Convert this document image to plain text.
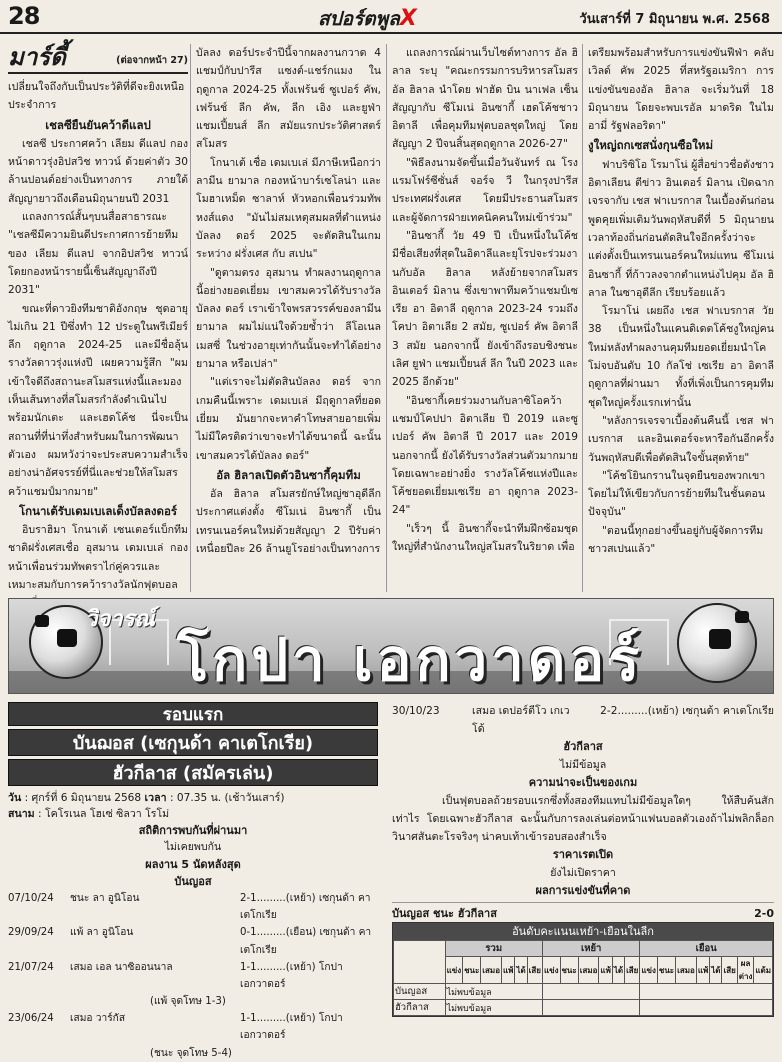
28	สปอร์ตพูลX	วันเสาร์ที่ 7 มิถุนายน พ.ศ. 2568
มาร์ดี้	(ต่อจากหน้า 27)

เปลี่ยนใจถึงกับเป็นประวัติที่ดีจะยิงเหนือประจำการ

เชลซียืนยันคว้าดีแลป

เชลซี ประกาศคว้า เลียม ดีแลป กองหน้าดาวรุ่งอิปสวิช ทาวน์ ด้วยค่าตัว 30 ล้านปอนด์อย่างเป็นทางการ ภายใต้สัญญายาวถึงเดือนมิถุนายนปี 2031

แถลงการณ์สั้นๆบนสื่อสาธารณะ "เชลซีมีความยินดีประกาศการย้ายทีมของ เลียม ดีแลป จากอิปสวิช ทาวน์ โดยกองหน้ารายนี้เซ็นสัญญาถึงปี 2031"

ขณะที่ดาวยิงทีมชาติอังกฤษ ชุดอายุไม่เกิน 21 ปีซึ่งทำ 12 ประตูในพรีเมียร์ลีก ฤดูกาล 2024-25 และมีชื่อลุ้นรางวัลดาวรุ่งแห่งปี เผยความรู้สึก "ผมเข้าใจดีถึงสถานะสโมสรแห่งนี้และมองเห็นเส้นทางที่สโมสรกำลังดำเนินไปพร้อมนักเตะ และเฮดโค้ช นี่จะเป็นสถานที่ที่น่าทึ่งสำหรับผมในการพัฒนาตัวเอง ผมหวังว่าจะประสบความสำเร็จอย่างน่าอัศจรรย์ที่นี่และช่วยให้สโมสรคว้าแชมป์มากมาย"

โกนาเต้รับเดมเบเลเด็งบัลลงดอร์

อิบราฮิมา โกนาเต้ เซนเตอร์แบ็กทีมชาติฝรั่งเศสเชื่อ อุสมาน เดมเบเล่ กองหน้าเพื่อนร่วมทัพตราไก่คู่ควรและเหมาะสมกับการคว้ารางวัลนักฟุตบอล

บัลลง ดอร์ประจำปีนี้จากผลงานกวาด 4 แชมป์กับปารีส แซงต์-แชร์กแมง ในฤดูกาล 2024-25 ทั้งเฟร้นช์ ซูเปอร์ คัพ, เฟร้นช์ ลีก คัพ, ลีก เอิง และยูฟ่า แชมเปี้ยนส์ ลีก สมัยแรกประวัติศาสตร์สโมสร

โกนาเต้ เชื่อ เดมเบเล่ มีภาษีเหนือกว่า ลามีน ยามาล กองหน้าบาร์เซโลน่า และ โมฮาเหม็ด ซาลาห์ หัวหอกเพื่อนร่วมทัพหงส์แดง "มันไม่สมเหตุสมผลที่ตำแหน่งบัลลง ดอร์ 2025 จะตัดสินในเกมระหว่าง ฝรั่งเศส กับ สเปน"

"ดูตามตรง อุสมาน ทำผลงานฤดูกาลนี้อย่างยอดเยี่ยม เขาสมควรได้รับรางวัลบัลลง ดอร์ เราเข้าใจพรสวรรค์ของลามีน ยามาล ผมไม่แน่ใจด้วยซ้ำว่า ลีโอเนล เมสซี่ ในช่วงอายุเท่ากันนั้นจะทำได้อย่างยามาล หรือเปล่า"

"แต่เราจะไม่ตัดสินบัลลง ดอร์ จากเกมคืนนี้เพราะ เดมเบเล่ มีฤดูกาลที่ยอดเยี่ยม มันยากจะหาคำโทษสายอายเพิ่มไม่มีใครติดว่าเขาจะทำได้ขนาดนี้ ฉะนั้น เขาสมควรได้บัลลง ดอร์"

อัล ฮิลาลเปิดตัวอินซากี้คุมทีม

อัล ฮิลาล สโมสรยักษ์ใหญ่ซาอุดีลีกประกาศแต่งตั้ง ซีโมเน่ อินซากี้ เป็นเทรนเนอร์คนใหม่ด้วยสัญญา 2 ปีรับค่าเหนื่อยปีละ 26 ล้านยูโรอย่างเป็นทางการ

แถลงการณ์ผ่านเว็บไซต์ทางการ อัล ฮิลาล ระบุ "คณะกรรมการบริหารสโมสรอัล ฮิลาล นำโดย ฟาฮัด บิน นาเฟล เซ็นสัญญากับ ซีโมเน่ อินซากี้ เฮดโค้ชชาวอิตาลี เพื่อคุมทีมฟุตบอลชุดใหญ่ โดยสัญญา 2 ปีจนสิ้นสุดฤดูกาล 2026-27"

"พิธีลงนามจัดขึ้นเมื่อวันจันทร์ ณ โรงแรมโฟร์ซีซั่นส์ จอร์จ วี ในกรุงปารีส ประเทศฝรั่งเศส โดยมีประธานสโมสรและผู้จัดการฝ่ายเทคนิคคนใหม่เข้าร่วม"

"อินซากี้ วัย 49 ปี เป็นหนึ่งในโค้ชมีชื่อเสียงที่สุดในอิตาลีและยุโรปจะร่วมงานกับอัล ฮิลาล หลังย้ายจากสโมสรอินเตอร์ มิลาน ซึ่งเขาพาทีมคว้าแชมป์เซเรีย อา อิตาลี ฤดูกาล 2023-24 รวมถึงโคปา อิตาเลีย 2 สมัย, ซูเปอร์ คัพ อิตาลี 3 สมัย นอกจากนี้ ยังเข้าถึงรอบชิงชนะเลิศ ยูฟ่า แชมเปี้ยนส์ ลีก ในปี 2023 และ 2025 อีกด้วย"

"อินซากี้เคยร่วมงานกับลาซิโอคว้าแชมป์โคปปา อิตาเลีย ปี 2019 และซูเปอร์ คัพ อิตาลี ปี 2017 และ 2019 นอกจากนี้ ยังได้รับรางวัลส่วนตัวมากมายโดยเฉพาะอย่างยิ่ง รางวัลโค้ชแห่งปีและโค้ชยอดเยี่ยมเซเรีย อา ฤดูกาล 2023-24"

"เร็วๆ นี้ อินซากี้จะนำทีมฝึกซ้อมชุดใหญ่ที่สำนักงานใหญ่สโมสรในริยาด เพื่อ

เตรียมพร้อมสำหรับการแข่งขันฟีฟ่า คลับ เวิลด์ คัพ 2025 ที่สหรัฐอเมริกา การแข่งขันของอัล ฮิลาล จะเริ่มวันที่ 18 มิถุนายน โดยจะพบเรอัล มาดริด ในไมอามี่ รัฐฟลอริดา"

งูใหญ่ถกเซสนั่งกุนซือใหม่

ฟาบริซิโอ โรมาโน่ ผู้สื่อข่าวชื่อดังชาวอิตาเลียน ตีข่าว อินเตอร์ มิลาน เปิดฉากเจรจากับ เชส ฟาเบรกาส ในเบื้องต้นก่อนพูดคุยเพิ่มเติมวันพฤหัสบดีที่ 5 มิถุนายนเวลาท้องถิ่นก่อนตัดสินใจอีกครั้งว่าจะแต่งตั้งเป็นเทรนเนอร์คนใหม่แทน ซีโมเน่ อินซากี้ ที่ก้าวลงจากตำแหน่งไปคุม อัล ฮิลาล ในซาอุดีลีก เรียบร้อยแล้ว

โรมาโน่ เผยถึง เชส ฟาเบรกาส วัย 38 เป็นหนึ่งในแคนดิเดตโค้ชงูใหญ่คนใหม่หลังทำผลงานคุมทีมยอดเยี่ยมนำโคโม่จบอันดับ 10 กัลโช่ เซเรีย อา อิตาลี ฤดูกาลที่ผ่านมา ทั้งที่เพิ่งเป็นการคุมทีมชุดใหญ่ครั้งแรกเท่านั้น

"หลังการเจรจาเบื้องต้นคืนนี้ เชส ฟาเบรกาส และอินเตอร์จะหารือกันอีกครั้งวันพฤหัสบดีเพื่อตัดสินใจขั้นสุดท้าย"

"โค้ชโยินกรานในจุดยืนของพวกเขา โดยไม่ให้เขียวกับการย้ายทีมในชั้นตอนปัจจุบัน"

"ตอนนี้ทุกอย่างขึ้นอยู่กับผู้จัดการทีมชาวสเปนแล้ว"

วิจารณ์
โกปา เอกวาดอร์
รอบแรก
บันฌอส (เซกุนด้า คาเตโกเรีย)
ฮัวกีลาส (สมัครเล่น)
วัน : ศุกร์ที่ 6 มิถุนายน 2568 เวลา : 07.35 น. (เช้าวันเสาร์)
สนาม : โคโรเนล โฮเซ่ ซิลวา โรโม่
สถิติการพบกันที่ผ่านมา
ไม่เคยพบกัน
ผลงาน 5 นัดหลังสุด
บันญอส
07/10/24	ชนะ ลา อูนิโอน	2-1.........(เหย้า) เซกุนด้า คาเตโกเรีย
29/09/24	แพ้ ลา อูนิโอน	0-1.........(เยือน) เซกุนด้า คาเตโกเรีย
21/07/24	เสมอ เอล นาซิออนนาล	1-1.........(เหย้า) โกปา เอกวาดอร์
(แพ้ จุดโทษ 1-3)
23/06/24	เสมอ วาร์กัส	1-1.........(เหย้า) โกปา เอกวาดอร์
(ชนะ จุดโทษ 5-4)
30/10/23	เสมอ เดปอร์ตีโว เกเวโด้
2-2.........(เหย้า) เซกุนด้า คาเตโกเรีย
ฮัวกีลาส
ไม่มีข้อมูล
ความน่าจะเป็นของเกม
เป็นฟุตบอลถ้วยรอบแรกซึ่งทั้งสองทีมแทบไม่มีข้อมูลใดๆ ให้สืบค้นสักเท่าไร โดยเฉพาะฮัวกีลาส ฉะนั้นกับการลงเล่นต่อหน้าแฟนบอลตัวเองถ้าไม่พลิกล็อกวินาศสันตะโรจริงๆ น่าคบเท้าเข้ารอบสองสำเร็จ
ราคาเรตเปิด
ยังไม่เปิดราคา
ผลการแข่งขันที่คาด
บันญอส ชนะ ฮัวกีลาส	2-0
อันดับคะแนนเหย้า-เยือนในลีก
	รวม						เหย้า						เยือน							
	แข่ง	ชนะ	เสมอ	แพ้	ได้	เสีย	แข่ง	ชนะ	เสมอ	แพ้	ได้	เสีย	แข่ง	ชนะ	เสมอ	แพ้	ได้	เสีย	ผลต่าง	แต้ม
บันญอส	ไม่พบข้อมูล																			
ฮัวกีลาส	ไม่พบข้อมูล																			
